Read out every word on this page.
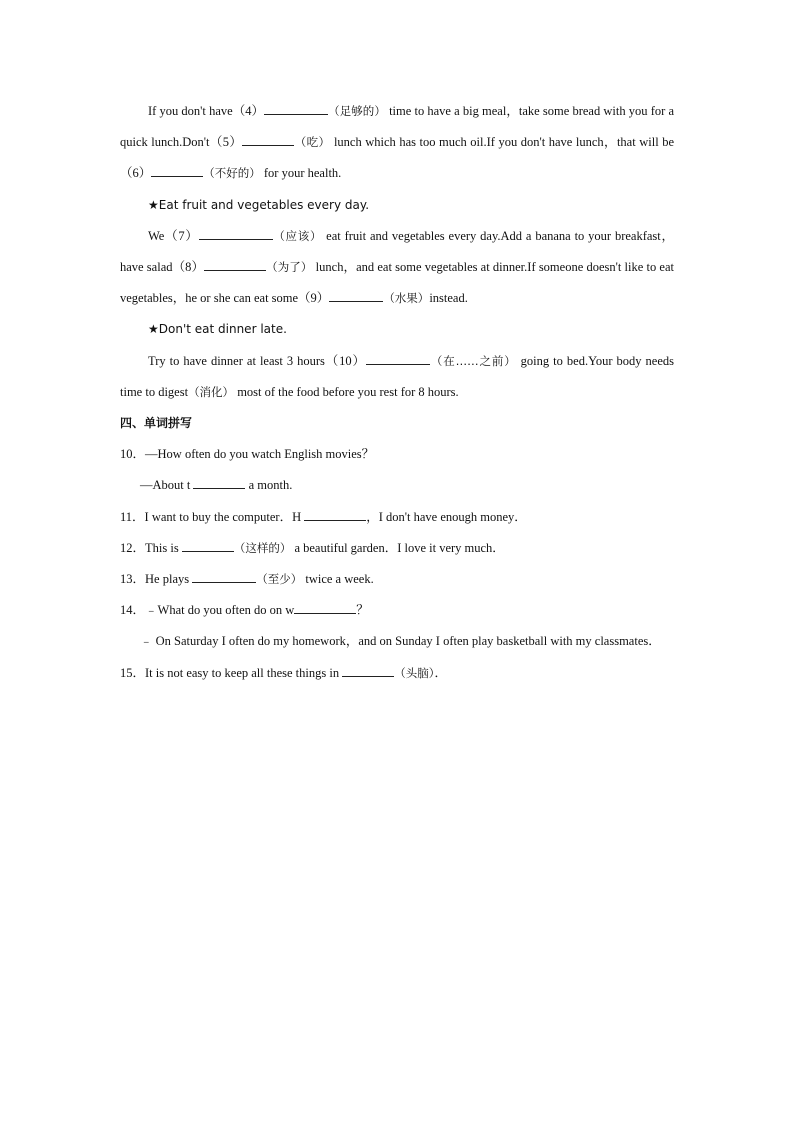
If you don't have（4）	（足够的） time to have a big meal，take some bread with you for a quick lunch.Don't（5）	（吃） lunch which has too much oil.If you don't have lunch，that will be（6）	（不好的） for your health.

★Eat fruit and vegetables every day.

We（7）	（应该） eat fruit and vegetables every day.Add a banana to your breakfast，have salad（8）	（为了） lunch，and eat some vegetables at dinner.If someone doesn't like to eat vegetables，he or she can eat some（9）	（水果）instead.

★Don't eat dinner late.

Try to have dinner at least 3 hours（10）	（在……之前） going to bed.Your body needs time to digest（消化） most of the food before you rest for 8 hours.

四、单词拼写

10．—How often do you watch English movies？

—About t	a month.

11．I want to buy the computer．H	，I don't have enough money．

12．This is	（这样的） a beautiful garden．I love it very much．

13．He plays	（至少） twice a week.

14．﹣What do you often do on w	？

﹣ On Saturday I often do my homework，and on Sunday I often play basketball with my classmates．

15．It is not easy to keep all these things in	（头脑）．
